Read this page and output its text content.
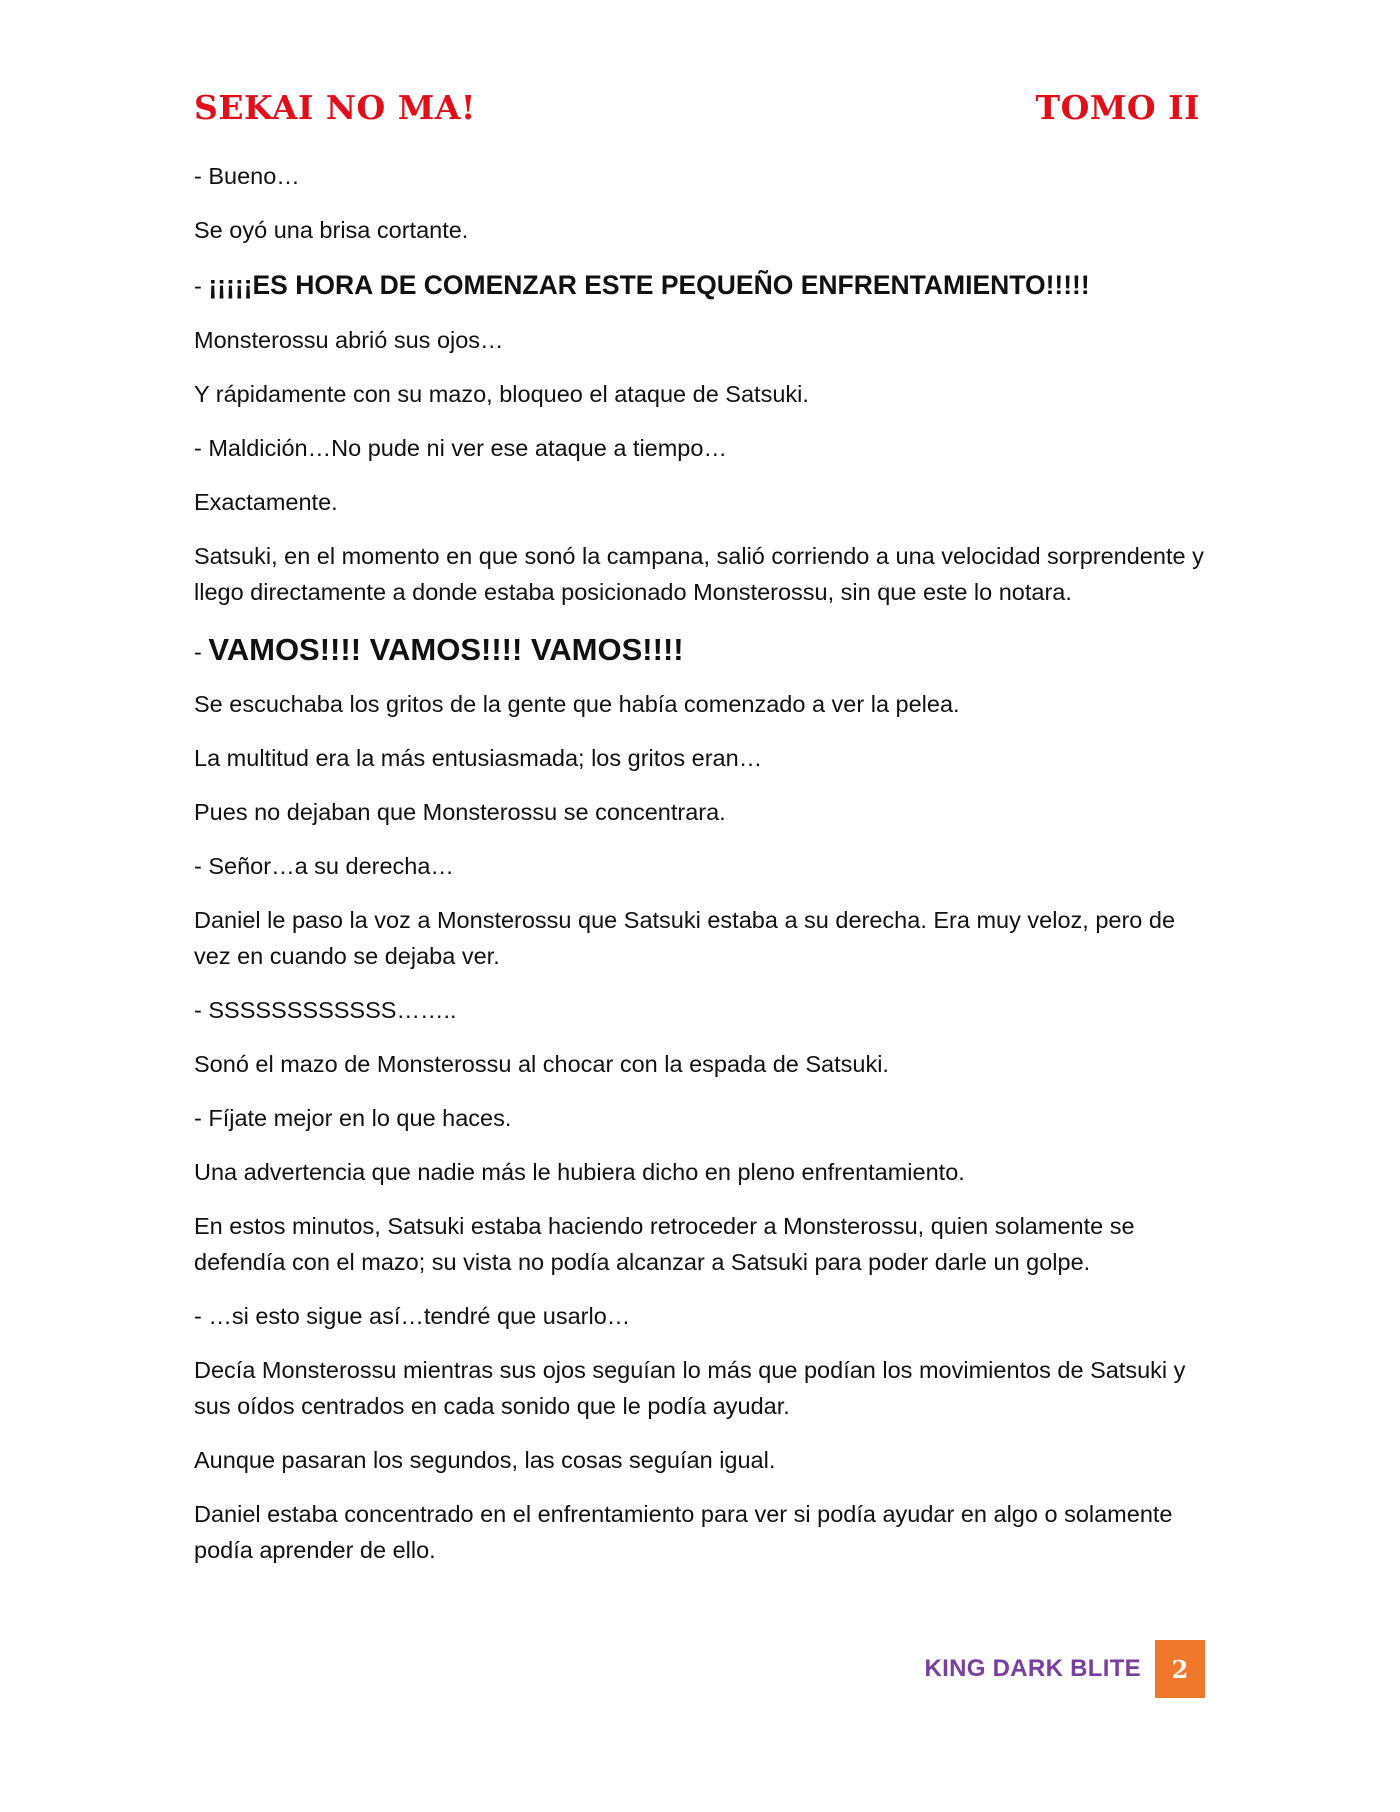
SEKAI NO MA!	TOMO II

- Bueno…

Se oyó una brisa cortante.

- ¡¡¡¡¡ES HORA DE COMENZAR ESTE PEQUEÑO ENFRENTAMIENTO!!!!!

Monsterossu abrió sus ojos…

Y rápidamente con su mazo, bloqueo el ataque de Satsuki.

- Maldición…No pude ni ver ese ataque a tiempo…

Exactamente.

Satsuki, en el momento en que sonó la campana, salió corriendo a una velocidad sorprendente y llego directamente a donde estaba posicionado Monsterossu, sin que este lo notara.

- VAMOS!!!! VAMOS!!!! VAMOS!!!!

Se escuchaba los gritos de la gente que había comenzado a ver la pelea.

La multitud era la más entusiasmada; los gritos eran…

Pues no dejaban que Monsterossu se concentrara.

- Señor…a su derecha…

Daniel le paso la voz a Monsterossu que Satsuki estaba a su derecha. Era muy veloz, pero de vez en cuando se dejaba ver.

- SSSSSSSSSSSS……..

Sonó el mazo de Monsterossu al chocar con la espada de Satsuki.

- Fíjate mejor en lo que haces.

Una advertencia que nadie más le hubiera dicho en pleno enfrentamiento.

En estos minutos, Satsuki estaba haciendo retroceder a Monsterossu, quien solamente se defendía con el mazo; su vista no podía alcanzar a Satsuki para poder darle un golpe.

- …si esto sigue así…tendré que usarlo…

Decía Monsterossu mientras sus ojos seguían lo más que podían los movimientos de Satsuki y sus oídos centrados en cada sonido que le podía ayudar.

Aunque pasaran los segundos, las cosas seguían igual.

Daniel estaba concentrado en el enfrentamiento para ver si podía ayudar en algo o solamente podía aprender de ello.

KING DARK BLITE	2
